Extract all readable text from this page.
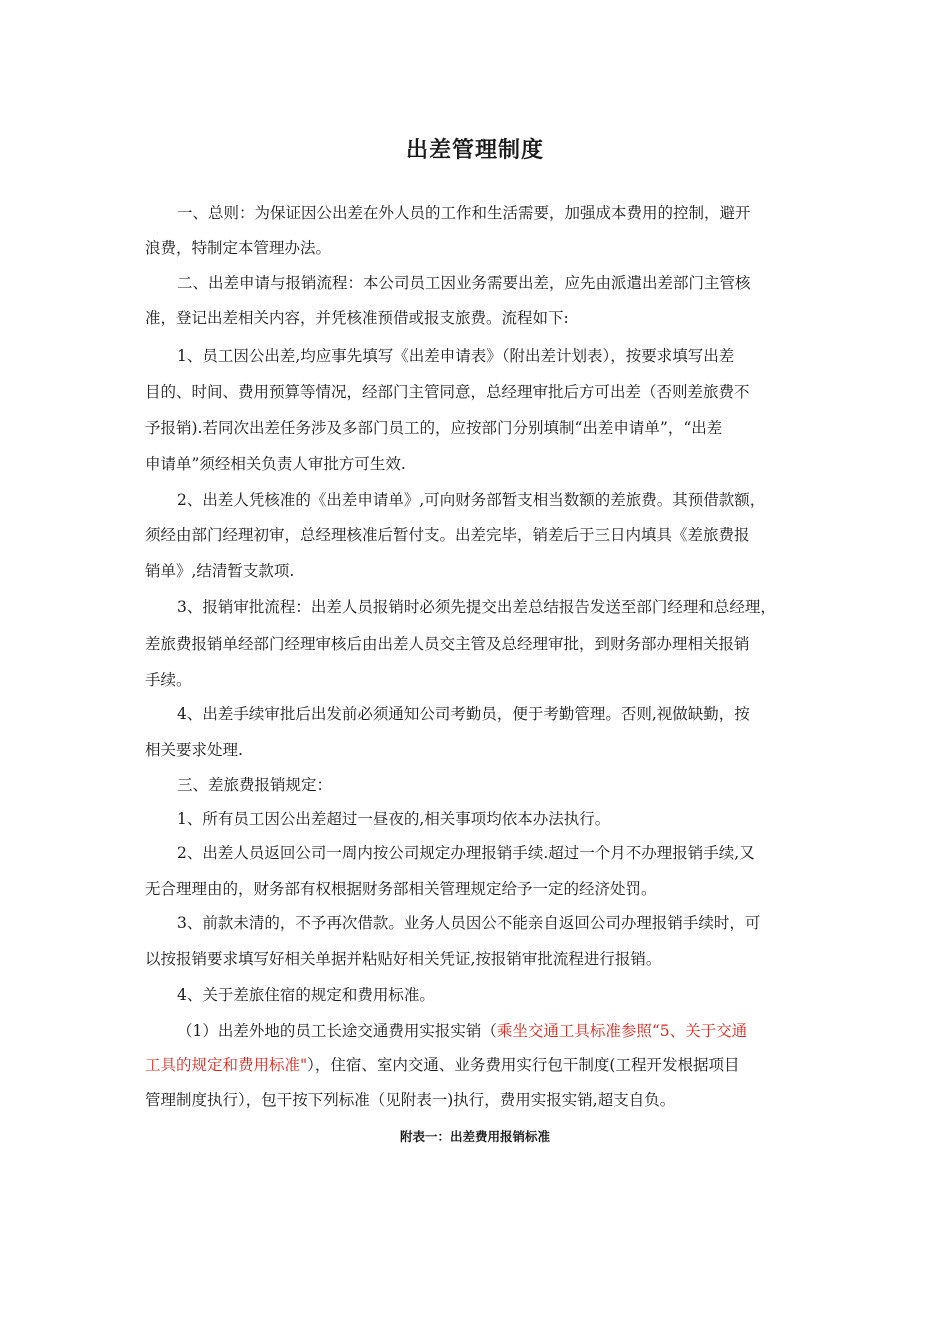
出差管理制度
一、总则：为保证因公出差在外人员的工作和生活需要，加强成本费用的控制，避开
浪费，特制定本管理办法。
二、出差申请与报销流程：本公司员工因业务需要出差，应先由派遣出差部门主管核
准，登记出差相关内容，并凭核准预借或报支旅费。流程如下:
1、员工因公出差,均应事先填写《出差申请表》（附出差计划表），按要求填写出差
目的、时间、费用预算等情况，经部门主管同意，总经理审批后方可出差（否则差旅费不
予报销).若同次出差任务涉及多部门员工的，应按部门分别填制“出差申请单”，“出差
申请单”须经相关负责人审批方可生效.
2、出差人凭核准的《出差申请单》,可向财务部暂支相当数额的差旅费。其预借款额，
须经由部门经理初审，总经理核准后暂付支。出差完毕，销差后于三日内填具《差旅费报
销单》,结清暂支款项.
3、报销审批流程：出差人员报销时必须先提交出差总结报告发送至部门经理和总经理，
差旅费报销单经部门经理审核后由出差人员交主管及总经理审批，到财务部办理相关报销
手续。
4、出差手续审批后出发前必须通知公司考勤员，便于考勤管理。否则,视做缺勤，按
相关要求处理.
三、差旅费报销规定：
1、所有员工因公出差超过一昼夜的,相关事项均依本办法执行。
2、出差人员返回公司一周内按公司规定办理报销手续.超过一个月不办理报销手续,又
无合理理由的，财务部有权根据财务部相关管理规定给予一定的经济处罚。
3、前款未清的，不予再次借款。业务人员因公不能亲自返回公司办理报销手续时，可
以按报销要求填写好相关单据并粘贴好相关凭证,按报销审批流程进行报销。
4、关于差旅住宿的规定和费用标准。
（1）出差外地的员工长途交通费用实报实销（乘坐交通工具标准参照“5、关于交通
工具的规定和费用标准"），住宿、室内交通、业务费用实行包干制度(工程开发根据项目
管理制度执行），包干按下列标准（见附表一)执行，费用实报实销,超支自负。
附表一：出差费用报销标准
